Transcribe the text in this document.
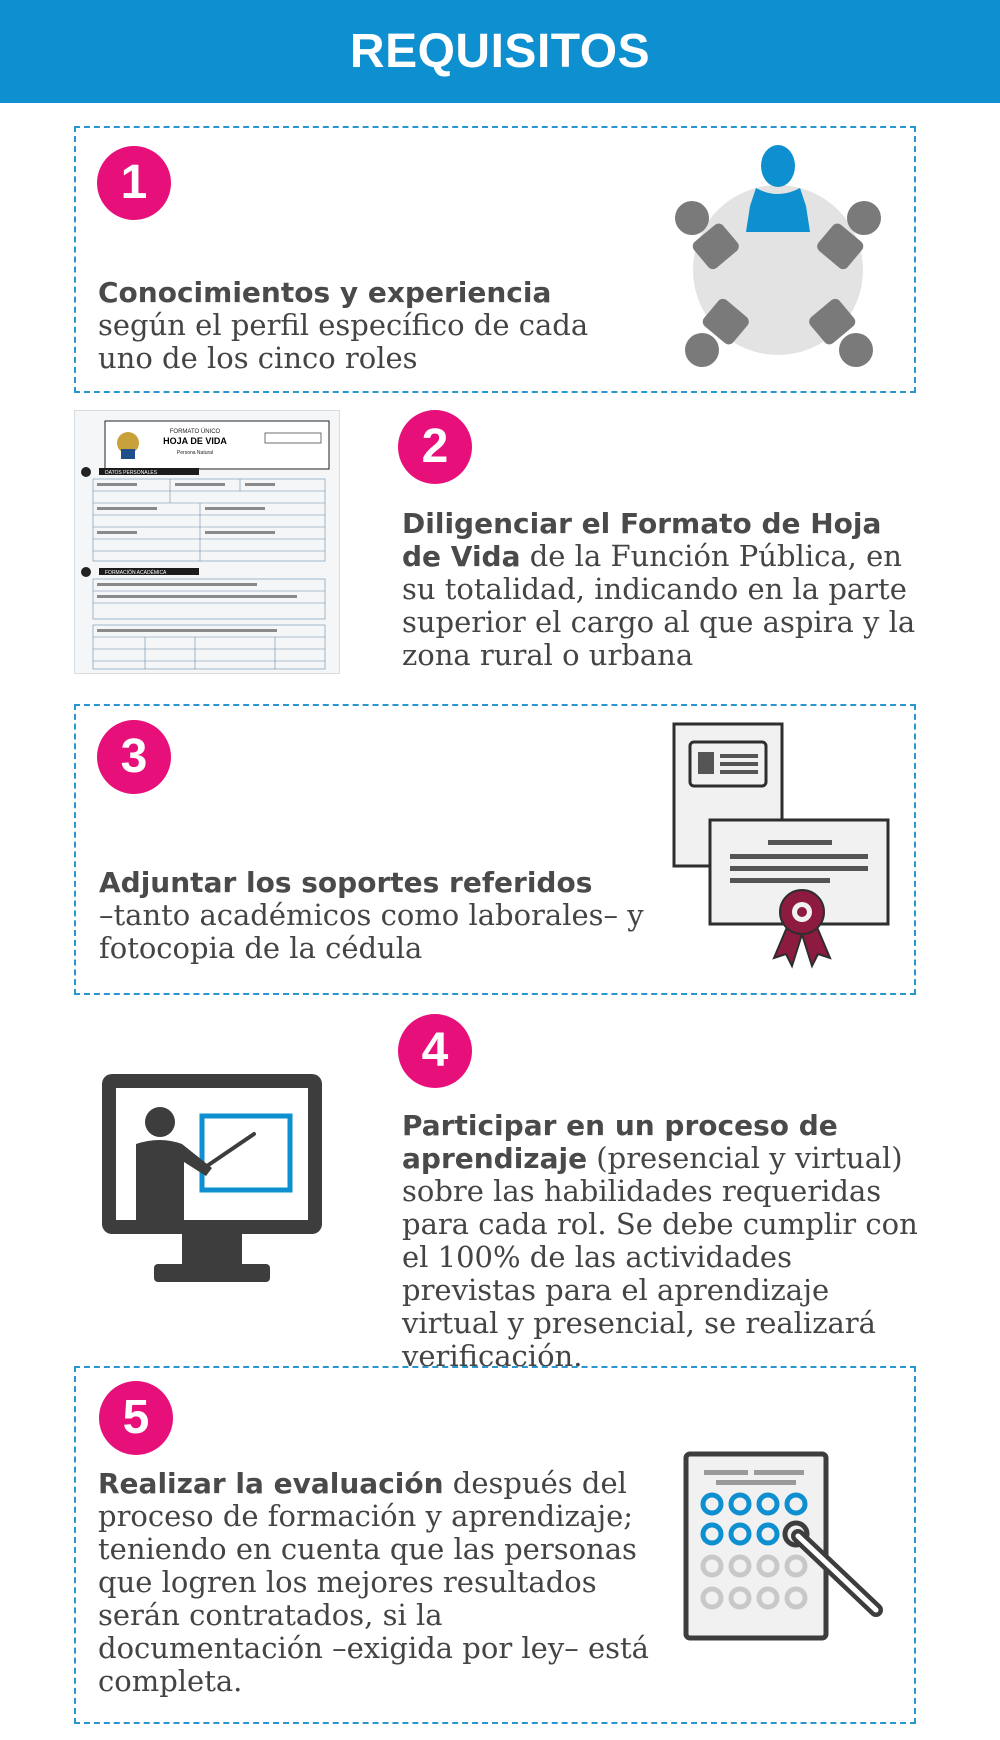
REQUISITOS
1
Conocimientos y experiencia
según el perfil específico de cada uno de los cinco roles
FORMATO ÚNICO
HOJA DE VIDA
Persona Natural
DATOS PERSONALES
FORMACIÓN ACADÉMICA
2
Diligenciar el Formato de Hoja de Vida de la Función Pública, en su totalidad, indicando en la parte superior el cargo al que aspira y la zona rural o urbana
3
Adjuntar los soportes referidos
–tanto académicos como laborales– y fotocopia de la cédula
4
Participar en un proceso de aprendizaje (presencial y virtual) sobre las habilidades requeridas para cada rol. Se debe cumplir con el 100% de las actividades previstas para el aprendizaje virtual y presencial, se realizará verificación.
5
Realizar la evaluación después del proceso de formación y aprendizaje; teniendo en cuenta que las personas que logren los mejores resultados serán contratados, si la documentación –exigida por ley– está completa.
